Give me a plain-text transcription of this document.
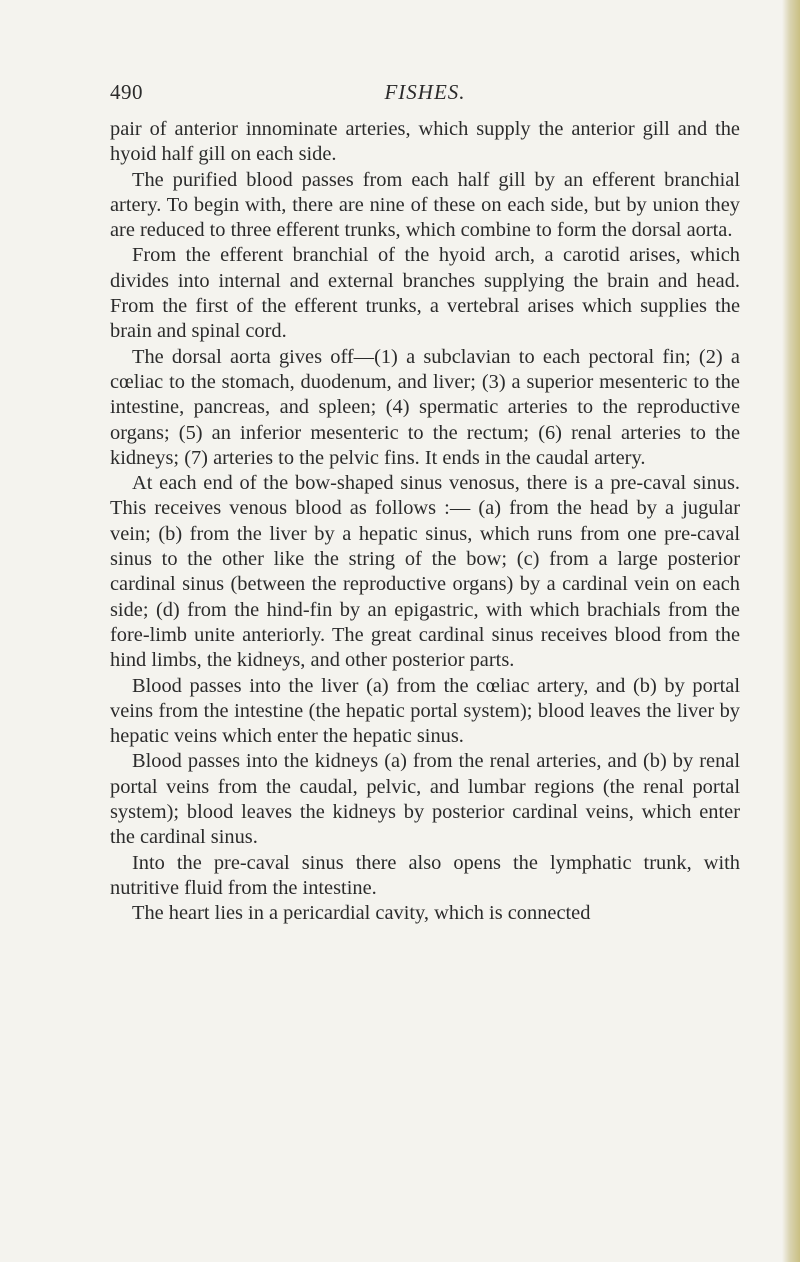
490	FISHES.

pair of anterior innominate arteries, which supply the anterior gill and the hyoid half gill on each side.

The purified blood passes from each half gill by an efferent branchial artery. To begin with, there are nine of these on each side, but by union they are reduced to three efferent trunks, which combine to form the dorsal aorta.

From the efferent branchial of the hyoid arch, a carotid arises, which divides into internal and external branches supplying the brain and head. From the first of the efferent trunks, a vertebral arises which supplies the brain and spinal cord.

The dorsal aorta gives off—(1) a subclavian to each pectoral fin; (2) a cœliac to the stomach, duodenum, and liver; (3) a superior mesenteric to the intestine, pancreas, and spleen; (4) spermatic arteries to the reproductive organs; (5) an inferior mesenteric to the rectum; (6) renal arteries to the kidneys; (7) arteries to the pelvic fins. It ends in the caudal artery.

At each end of the bow-shaped sinus venosus, there is a pre-caval sinus. This receives venous blood as follows :— (a) from the head by a jugular vein; (b) from the liver by a hepatic sinus, which runs from one pre-caval sinus to the other like the string of the bow; (c) from a large posterior cardinal sinus (between the reproductive organs) by a cardinal vein on each side; (d) from the hind-fin by an epigastric, with which brachials from the fore-limb unite anteriorly. The great cardinal sinus receives blood from the hind limbs, the kidneys, and other posterior parts.

Blood passes into the liver (a) from the cœliac artery, and (b) by portal veins from the intestine (the hepatic portal system); blood leaves the liver by hepatic veins which enter the hepatic sinus.

Blood passes into the kidneys (a) from the renal arteries, and (b) by renal portal veins from the caudal, pelvic, and lumbar regions (the renal portal system); blood leaves the kidneys by posterior cardinal veins, which enter the cardinal sinus.

Into the pre-caval sinus there also opens the lymphatic trunk, with nutritive fluid from the intestine.

The heart lies in a pericardial cavity, which is connected
